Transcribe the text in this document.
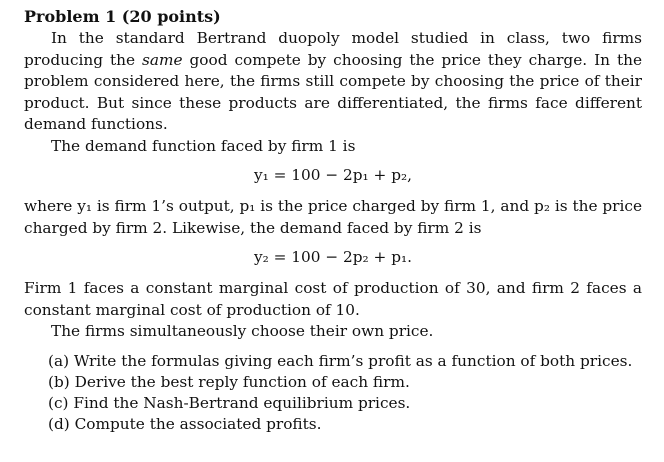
Problem 1 (20 points)

In the standard Bertrand duopoly model studied in class, two firms producing the same good compete by choosing the price they charge. In the problem considered here, the firms still compete by choosing the price of their product. But since these products are differentiated, the firms face different demand functions.

The demand function faced by firm 1 is

y₁ = 100 − 2p₁ + p₂,

where y₁ is firm 1’s output, p₁ is the price charged by firm 1, and p₂ is the price charged by firm 2. Likewise, the demand faced by firm 2 is

y₂ = 100 − 2p₂ + p₁.

Firm 1 faces a constant marginal cost of production of 30, and firm 2 faces a constant marginal cost of production of 10.

The firms simultaneously choose their own price.

(a) Write the formulas giving each firm’s profit as a function of both prices.
(b) Derive the best reply function of each firm.
(c) Find the Nash-Bertrand equilibrium prices.
(d) Compute the associated profits.
